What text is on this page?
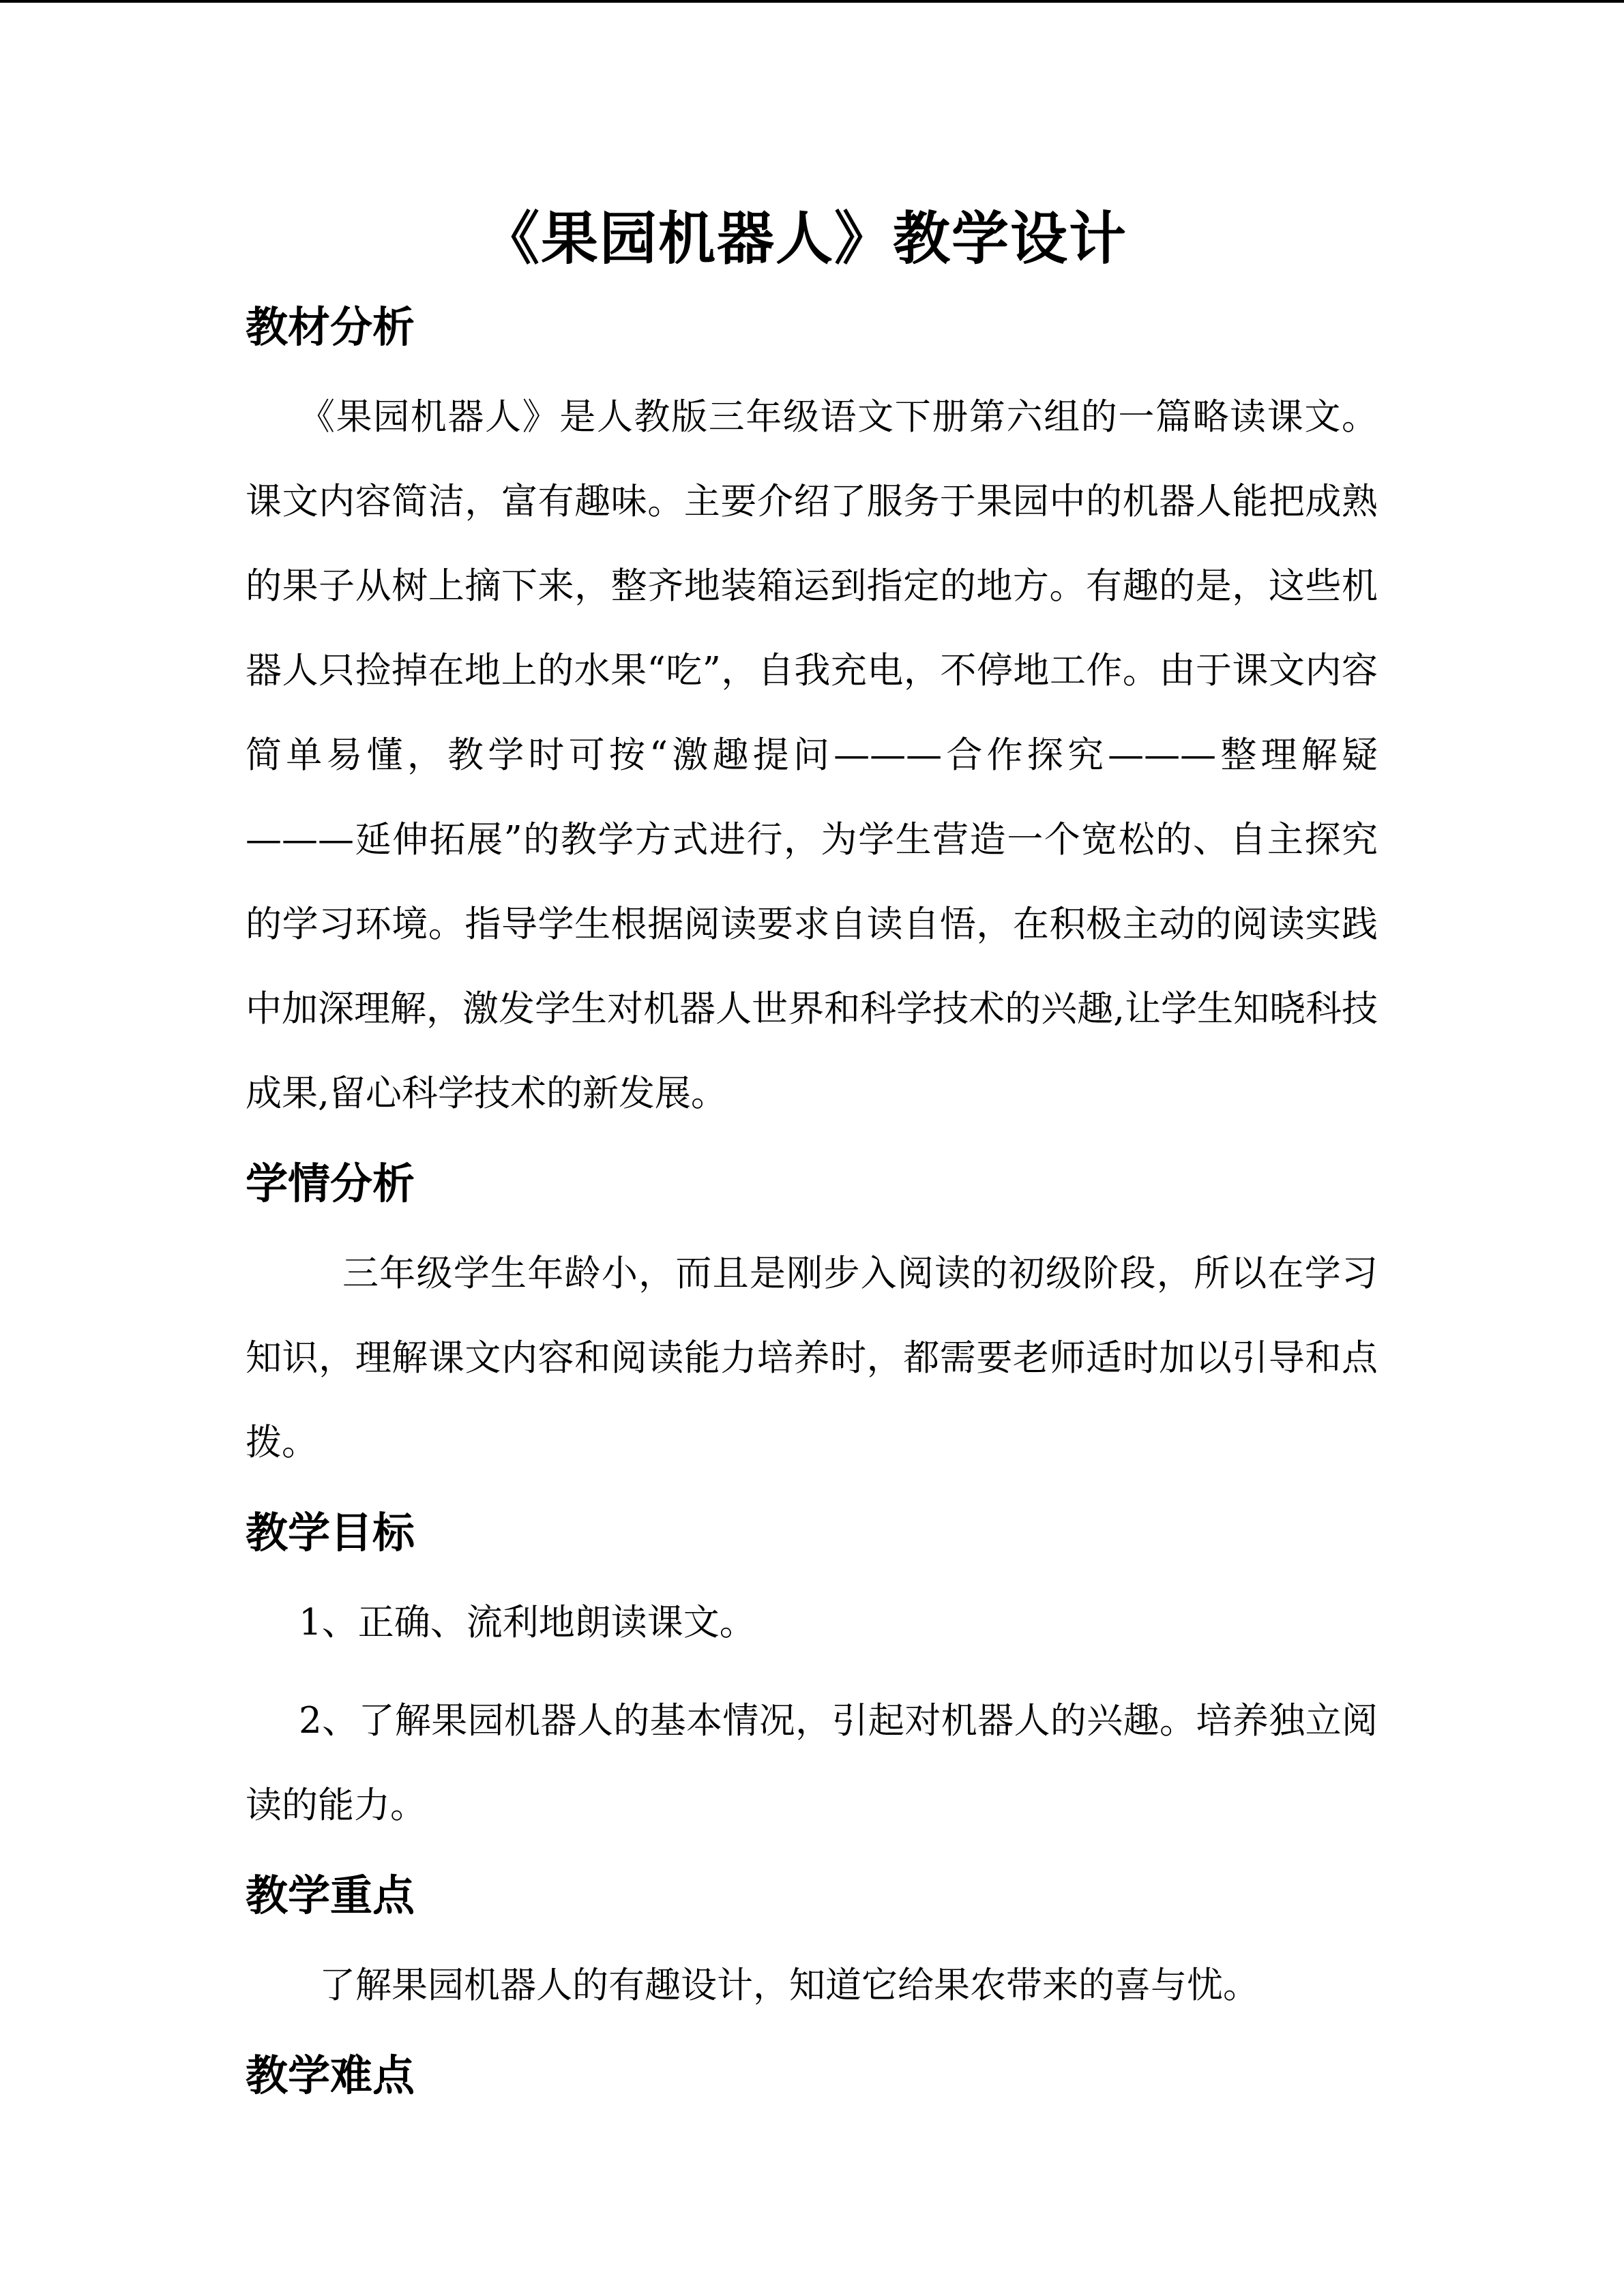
《果园机器人》教学设计
教材分析

《果园机器人》是人教版三年级语文下册第六组的一篇略读课文。课文内容简洁，富有趣味。主要介绍了服务于果园中的机器人能把成熟的果子从树上摘下来，整齐地装箱运到指定的地方。有趣的是，这些机器人只捡掉在地上的水果“吃”，自我充电，不停地工作。由于课文内容简单易懂，教学时可按“激趣提问———合作探究———整理解疑———延伸拓展”的教学方式进行，为学生营造一个宽松的、自主探究的学习环境。指导学生根据阅读要求自读自悟，在积极主动的阅读实践中加深理解，激发学生对机器人世界和科学技术的兴趣,让学生知晓科技成果,留心科学技术的新发展。

学情分析

三年级学生年龄小，而且是刚步入阅读的初级阶段，所以在学习知识，理解课文内容和阅读能力培养时，都需要老师适时加以引导和点拨。

教学目标

1、正确、流利地朗读课文。

2、了解果园机器人的基本情况，引起对机器人的兴趣。培养独立阅读的能力。

教学重点

了解果园机器人的有趣设计，知道它给果农带来的喜与忧。

教学难点
